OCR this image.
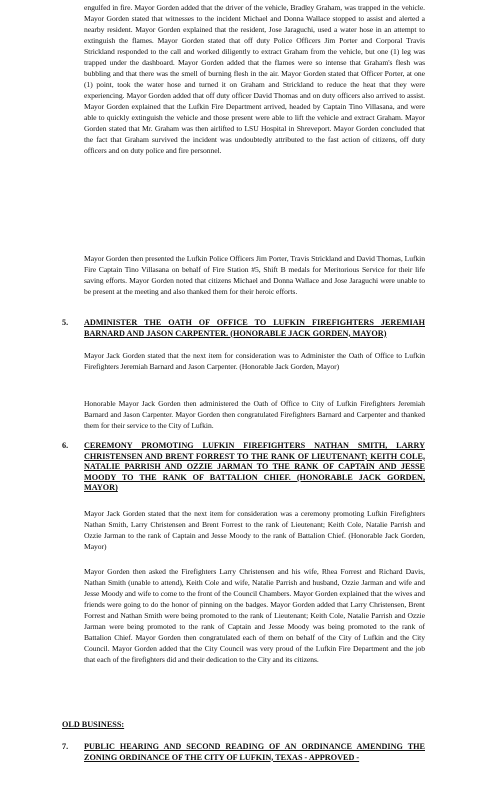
engulfed in fire. Mayor Gorden added that the driver of the vehicle, Bradley Graham, was trapped in the vehicle. Mayor Gorden stated that witnesses to the incident Michael and Donna Wallace stopped to assist and alerted a nearby resident. Mayor Gorden explained that the resident, Jose Jaraguchi, used a water hose in an attempt to extinguish the flames. Mayor Gorden stated that off duty Police Officers Jim Porter and Corporal Travis Strickland responded to the call and worked diligently to extract Graham from the vehicle, but one (1) leg was trapped under the dashboard. Mayor Gorden added that the flames were so intense that Graham's flesh was bubbling and that there was the smell of burning flesh in the air. Mayor Gorden stated that Officer Porter, at one (1) point, took the water hose and turned it on Graham and Strickland to reduce the heat that they were experiencing. Mayor Gorden added that off duty officer David Thomas and on duty officers also arrived to assist. Mayor Gorden explained that the Lufkin Fire Department arrived, headed by Captain Tino Villasana, and were able to quickly extinguish the vehicle and those present were able to lift the vehicle and extract Graham. Mayor Gorden stated that Mr. Graham was then airlifted to LSU Hospital in Shreveport. Mayor Gorden concluded that the fact that Graham survived the incident was undoubtedly attributed to the fast action of citizens, off duty officers and on duty police and fire personnel.

Mayor Gorden then presented the Lufkin Police Officers Jim Porter, Travis Strickland and David Thomas, Lufkin Fire Captain Tino Villasana on behalf of Fire Station #5, Shift B medals for Meritorious Service for their life saving efforts. Mayor Gorden noted that citizens Michael and Donna Wallace and Jose Jaraguchi were unable to be present at the meeting and also thanked them for their heroic efforts.

5.	ADMINISTER THE OATH OF OFFICE TO LUFKIN FIREFIGHTERS JEREMIAH BARNARD AND JASON CARPENTER. (HONORABLE JACK GORDEN, MAYOR)

Mayor Jack Gorden stated that the next item for consideration was to Administer the Oath of Office to Lufkin Firefighters Jeremiah Barnard and Jason Carpenter. (Honorable Jack Gorden, Mayor)

Honorable Mayor Jack Gorden then administered the Oath of Office to City of Lufkin Firefighters Jeremiah Barnard and Jason Carpenter. Mayor Gorden then congratulated Firefighters Barnard and Carpenter and thanked them for their service to the City of Lufkin.

6.	CEREMONY PROMOTING LUFKIN FIREFIGHTERS NATHAN SMITH, LARRY CHRISTENSEN AND BRENT FORREST TO THE RANK OF LIEUTENANT; KEITH COLE, NATALIE PARRISH AND OZZIE JARMAN TO THE RANK OF CAPTAIN AND JESSE MOODY TO THE RANK OF BATTALION CHIEF. (HONORABLE JACK GORDEN, MAYOR)

Mayor Jack Gorden stated that the next item for consideration was a ceremony promoting Lufkin Firefighters Nathan Smith, Larry Christensen and Brent Forrest to the rank of Lieutenant; Keith Cole, Natalie Parrish and Ozzie Jarman to the rank of Captain and Jesse Moody to the rank of Battalion Chief. (Honorable Jack Gorden, Mayor)

Mayor Gorden then asked the Firefighters Larry Christensen and his wife, Rhea Forrest and Richard Davis, Nathan Smith (unable to attend), Keith Cole and wife, Natalie Parrish and husband, Ozzie Jarman and wife and Jesse Moody and wife to come to the front of the Council Chambers. Mayor Gorden explained that the wives and friends were going to do the honor of pinning on the badges. Mayor Gorden added that Larry Christensen, Brent Forrest and Nathan Smith were being promoted to the rank of Lieutenant; Keith Cole, Natalie Parrish and Ozzie Jarman were being promoted to the rank of Captain and Jesse Moody was being promoted to the rank of Battalion Chief. Mayor Gorden then congratulated each of them on behalf of the City of Lufkin and the City Council. Mayor Gorden added that the City Council was very proud of the Lufkin Fire Department and the job that each of the firefighters did and their dedication to the City and its citizens.

OLD BUSINESS:

7.	PUBLIC HEARING AND SECOND READING OF AN ORDINANCE AMENDING THE ZONING ORDINANCE OF THE CITY OF LUFKIN, TEXAS - APPROVED -
